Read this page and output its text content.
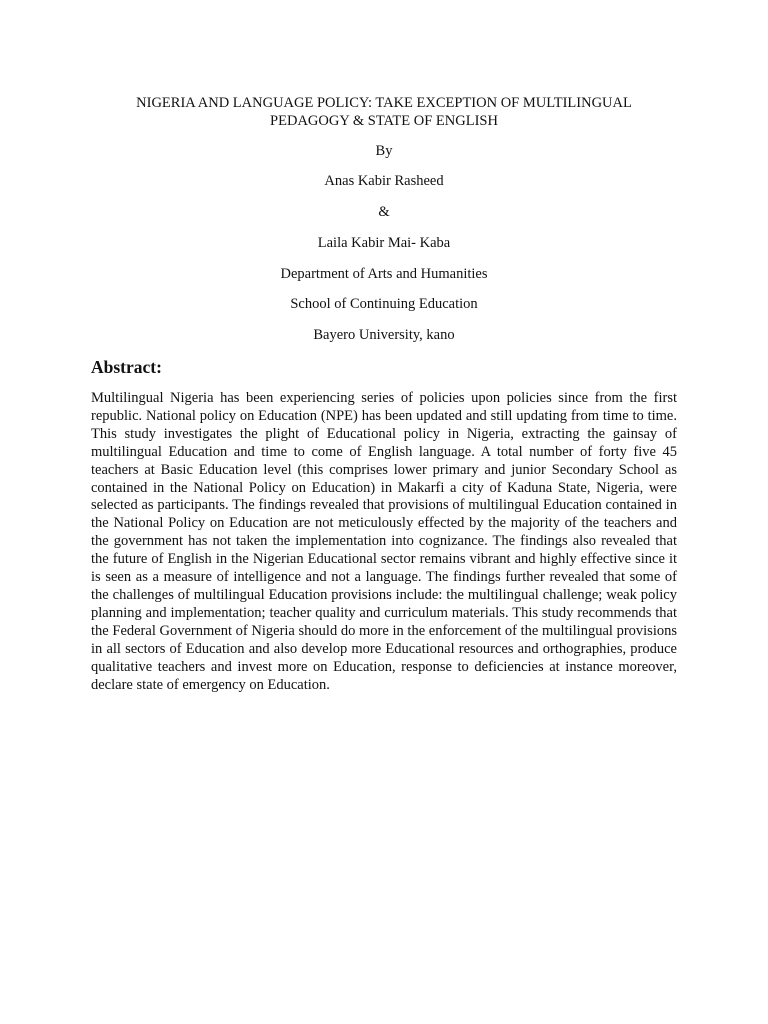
NIGERIA AND LANGUAGE POLICY: TAKE EXCEPTION OF MULTILINGUAL PEDAGOGY & STATE OF ENGLISH
By
Anas Kabir Rasheed
&
Laila Kabir Mai- Kaba
Department of Arts and Humanities
School of Continuing Education
Bayero University, kano
Abstract:
Multilingual Nigeria has been experiencing series of policies upon policies since from the first republic. National policy on Education (NPE) has been updated and still updating from time to time. This study investigates the plight of Educational policy in Nigeria, extracting the gainsay of multilingual Education and time to come of English language. A total number of forty five 45 teachers at Basic Education level (this comprises lower primary and junior Secondary School as contained in the National Policy on Education) in Makarfi a city of Kaduna State, Nigeria, were selected as participants. The findings revealed that provisions of multilingual Education contained in the National Policy on Education are not meticulously effected by the majority of the teachers and the government has not taken the implementation into cognizance. The findings also revealed that the future of English in the Nigerian Educational sector remains vibrant and highly effective since it is seen as a measure of intelligence and not a language. The findings further revealed that some of the challenges of multilingual Education provisions include: the multilingual challenge; weak policy planning and implementation; teacher quality and curriculum materials. This study recommends that the Federal Government of Nigeria should do more in the enforcement of the multilingual provisions in all sectors of Education and also develop more Educational resources and orthographies, produce qualitative teachers and invest more on Education, response to deficiencies at instance moreover, declare state of emergency on Education.
